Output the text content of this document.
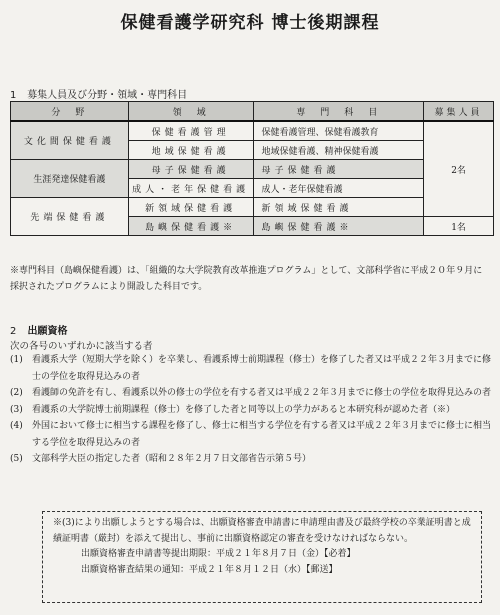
保健看護学研究科 博士後期課程
1 募集人員及び分野・領域・専門科目
分　野	領　域	専　門　科　目	募集人員
文化間保健看護	保健看護管理	保健看護管理、保健看護教育	2名
	地域保健看護	地域保健看護、精神保健看護	
生涯発達保健看護	母子保健看護	母子保健看護	
	成人・老年保健看護	成人・老年保健看護	
先端保健看護	新領域保健看護	新領域保健看護	
	島嶼保健看護※	島嶼保健看護※	1名
※専門科目（島嶼保健看護）は、「組織的な大学院教育改革推進プログラム」として、文部科学省に平成２０年９月に採択されたプログラムにより開設した科目です。
2 出願資格
次の各号のいずれかに該当する者
(1)	看護系大学（短期大学を除く）を卒業し、看護系博士前期課程（修士）を修了した者又は平成２２年３月までに修士の学位を取得見込みの者
(2)	看護師の免許を有し、看護系以外の修士の学位を有する者又は平成２２年３月までに修士の学位を取得見込みの者
(3)	看護系の大学院博士前期課程（修士）を修了した者と同等以上の学力があると本研究科が認めた者（※）
(4)	外国において修士に相当する課程を修了し、修士に相当する学位を有する者又は平成２２年３月までに修士に相当する学位を取得見込みの者
(5)	文部科学大臣の指定した者（昭和２８年２月７日文部省告示第５号）
※(3)により出願しようとする場合は、出願資格審査申請書に申請理由書及び最終学校の卒業証明書と成績証明書（厳封）を添えて提出し、事前に出願資格認定の審査を受けなければならない。
出願資格審査申請書等提出期限：平成２１年８月７日（金）【必着】
出願資格審査結果の通知：平成２１年８月１２日（水）【郵送】
